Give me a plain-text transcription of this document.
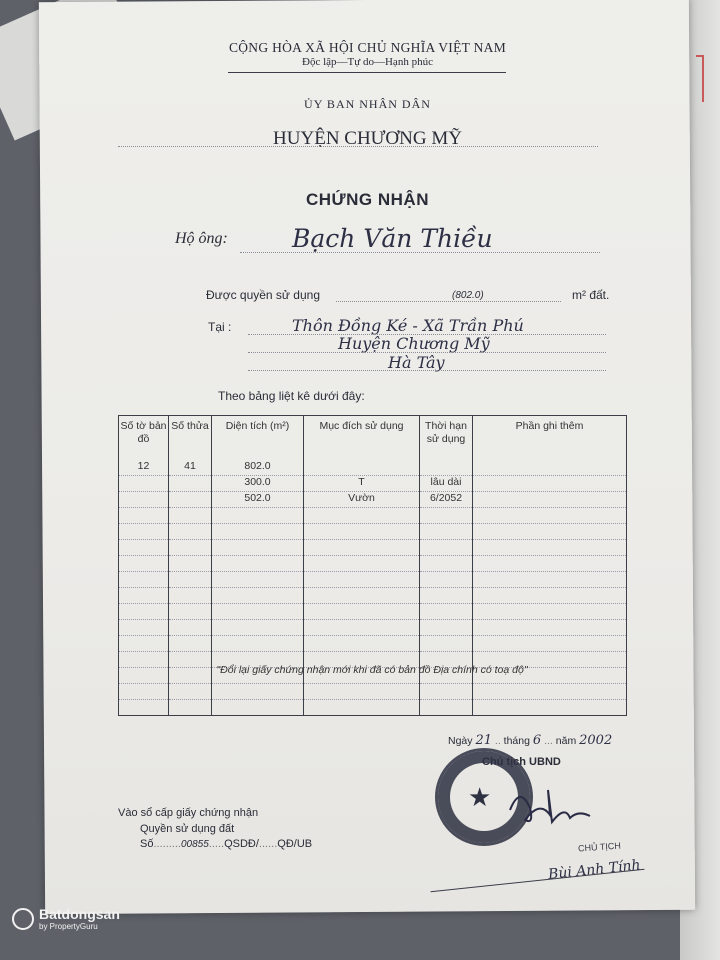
CỘNG HÒA XÃ HỘI CHỦ NGHĨA VIỆT NAM
Độc lập—Tự do—Hạnh phúc
ỦY BAN NHÂN DÂN
HUYỆN CHƯƠNG MỸ
CHỨNG NHẬN
Hộ ông:	Bạch Văn Thiều
Được quyền sử dụng	(802.0)	m² đất.
Tại :	Thôn Đồng Ké - Xã Trần Phú
Huyện Chương Mỹ
Hà Tây
Theo bảng liệt kê dưới đây:
Số tờ bản đồ	Số thửa	Diện tích (m²)	Mục đích sử dụng	Thời hạn sử dụng	Phần ghi thêm
12	41	802.0			
		300.0	T	lâu dài	
		502.0	Vườn	6/2052	

"Đổi lại giấy chứng nhận mới khi đã có bản đồ Địa chính có toạ độ"
Ngày 21 .. tháng 6 ... năm 2002
Chủ tịch UBND
★
Vào sổ cấp giấy chứng nhận
Quyền sử dụng đất
Số.........00855.....QSDĐ/......QĐ/UB	CHỦ TỊCH
Bùi Anh Tính
Batdongsan
by PropertyGuru
